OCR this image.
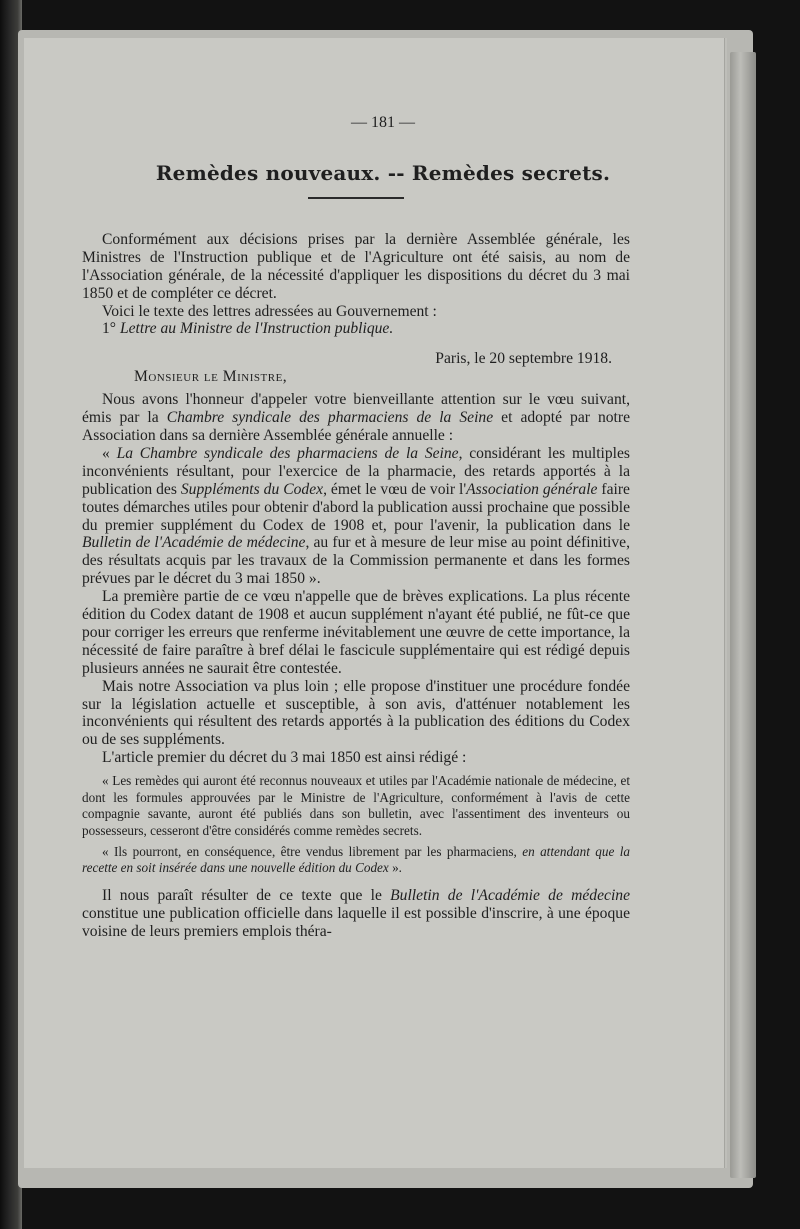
— 181 —
Remèdes nouveaux. -- Remèdes secrets.

Conformément aux décisions prises par la dernière Assemblée générale, les Ministres de l'Instruction publique et de l'Agriculture ont été saisis, au nom de l'Association générale, de la nécessité d'appliquer les dispositions du décret du 3 mai 1850 et de compléter ce décret.

Voici le texte des lettres adressées au Gouvernement :

1° Lettre au Ministre de l'Instruction publique.

Paris, le 20 septembre 1918.

Monsieur le Ministre,

Nous avons l'honneur d'appeler votre bienveillante attention sur le vœu suivant, émis par la Chambre syndicale des pharmaciens de la Seine et adopté par notre Association dans sa dernière Assemblée générale annuelle :

« La Chambre syndicale des pharmaciens de la Seine, considérant les multiples inconvénients résultant, pour l'exercice de la pharmacie, des retards apportés à la publication des Suppléments du Codex, émet le vœu de voir l'Association générale faire toutes démarches utiles pour obtenir d'abord la publication aussi prochaine que possible du premier supplément du Codex de 1908 et, pour l'avenir, la publication dans le Bulletin de l'Académie de médecine, au fur et à mesure de leur mise au point définitive, des résultats acquis par les travaux de la Commission permanente et dans les formes prévues par le décret du 3 mai 1850 ».

La première partie de ce vœu n'appelle que de brèves explications. La plus récente édition du Codex datant de 1908 et aucun supplément n'ayant été publié, ne fût-ce que pour corriger les erreurs que renferme inévitablement une œuvre de cette importance, la nécessité de faire paraître à bref délai le fascicule supplémentaire qui est rédigé depuis plusieurs années ne saurait être contestée.

Mais notre Association va plus loin ; elle propose d'instituer une procédure fondée sur la législation actuelle et susceptible, à son avis, d'atténuer notablement les inconvénients qui résultent des retards apportés à la publication des éditions du Codex ou de ses suppléments.

L'article premier du décret du 3 mai 1850 est ainsi rédigé :

« Les remèdes qui auront été reconnus nouveaux et utiles par l'Académie nationale de médecine, et dont les formules approuvées par le Ministre de l'Agriculture, conformément à l'avis de cette compagnie savante, auront été publiés dans son bulletin, avec l'assentiment des inventeurs ou possesseurs, cesseront d'être considérés comme remèdes secrets.

« Ils pourront, en conséquence, être vendus librement par les pharmaciens, en attendant que la recette en soit insérée dans une nouvelle édition du Codex ».

Il nous paraît résulter de ce texte que le Bulletin de l'Académie de médecine constitue une publication officielle dans laquelle il est possible d'inscrire, à une époque voisine de leurs premiers emplois théra-
